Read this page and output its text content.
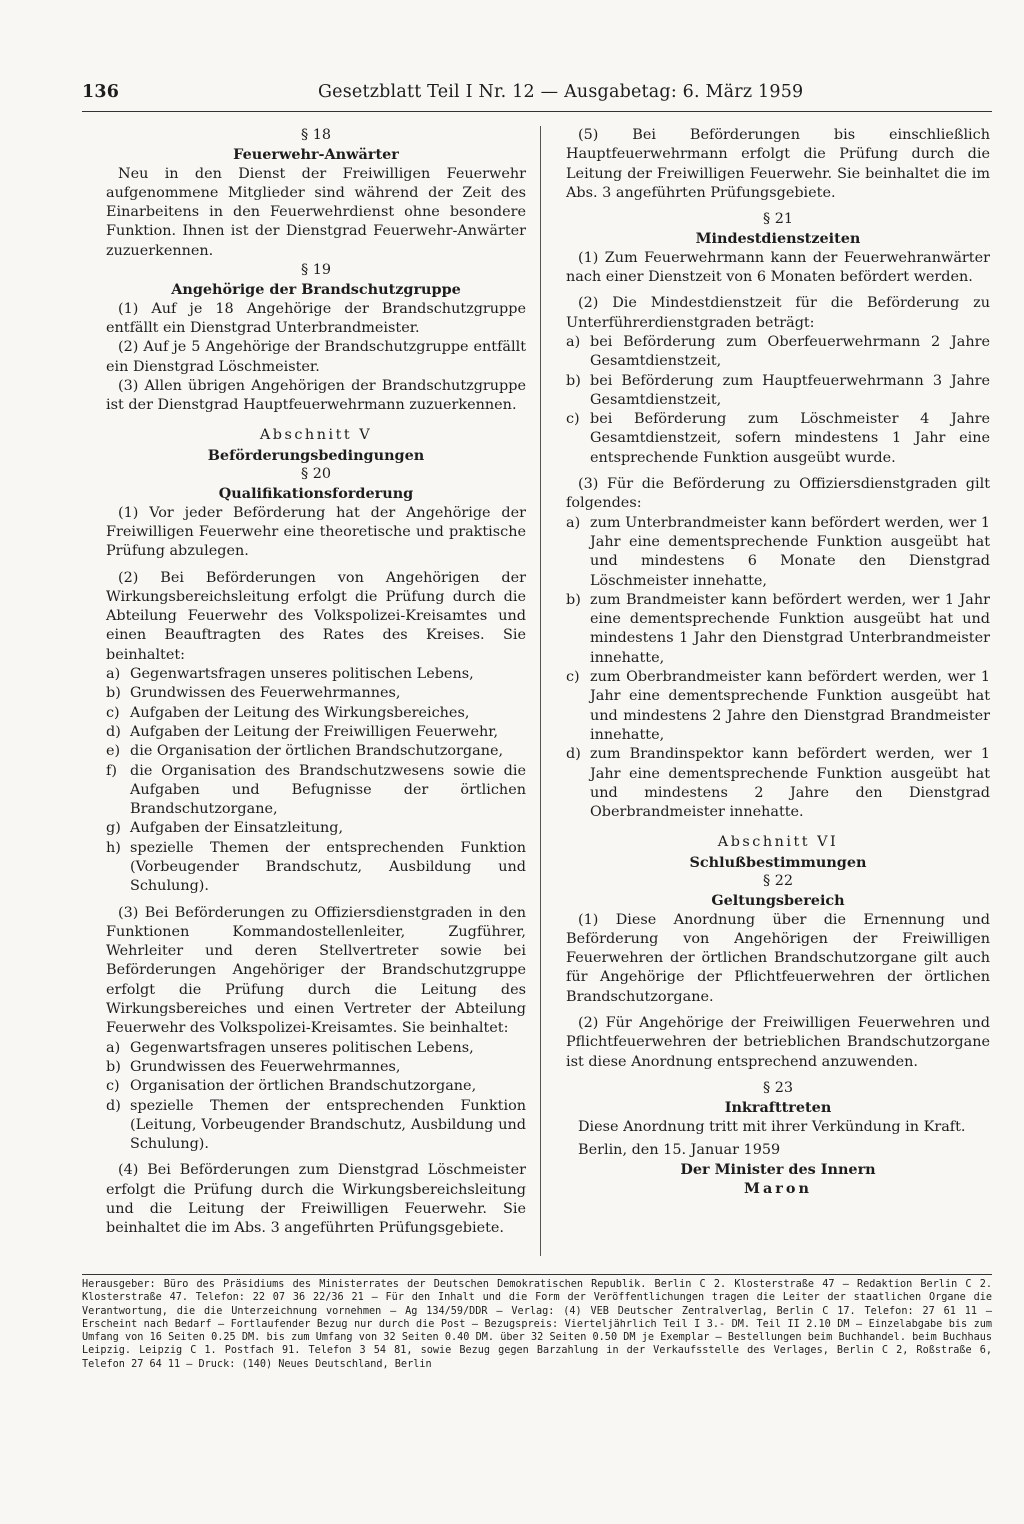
136	Gesetzblatt Teil I Nr. 12 — Ausgabetag: 6. März 1959
§ 18
Feuerwehr-Anwärter

Neu in den Dienst der Freiwilligen Feuerwehr aufgenommene Mitglieder sind während der Zeit des Einarbeitens in den Feuerwehrdienst ohne besondere Funktion. Ihnen ist der Dienstgrad Feuerwehr-Anwärter zuzuerkennen.

§ 19
Angehörige der Brandschutzgruppe

(1) Auf je 18 Angehörige der Brandschutzgruppe entfällt ein Dienstgrad Unterbrandmeister.

(2) Auf je 5 Angehörige der Brandschutzgruppe entfällt ein Dienstgrad Löschmeister.

(3) Allen übrigen Angehörigen der Brandschutzgruppe ist der Dienstgrad Hauptfeuerwehrmann zuzuerkennen.

Abschnitt V
Beförderungsbedingungen
§ 20
Qualifikationsforderung

(1) Vor jeder Beförderung hat der Angehörige der Freiwilligen Feuerwehr eine theoretische und praktische Prüfung abzulegen.

(2) Bei Beförderungen von Angehörigen der Wirkungsbereichsleitung erfolgt die Prüfung durch die Abteilung Feuerwehr des Volkspolizei-Kreisamtes und einen Beauftragten des Rates des Kreises. Sie beinhaltet:

a) Gegenwartsfragen unseres politischen Lebens,
b) Grundwissen des Feuerwehrmannes,
c) Aufgaben der Leitung des Wirkungsbereiches,
d) Aufgaben der Leitung der Freiwilligen Feuerwehr,
e) die Organisation der örtlichen Brandschutzorgane,
f) die Organisation des Brandschutzwesens sowie die Aufgaben und Befugnisse der örtlichen Brandschutzorgane,
g) Aufgaben der Einsatzleitung,
h) spezielle Themen der entsprechenden Funktion (Vorbeugender Brandschutz, Ausbildung und Schulung).

(3) Bei Beförderungen zu Offiziersdienstgraden in den Funktionen Kommandostellenleiter, Zugführer, Wehrleiter und deren Stellvertreter sowie bei Beförderungen Angehöriger der Brandschutzgruppe erfolgt die Prüfung durch die Leitung des Wirkungsbereiches und einen Vertreter der Abteilung Feuerwehr des Volkspolizei-Kreisamtes. Sie beinhaltet:

a) Gegenwartsfragen unseres politischen Lebens,
b) Grundwissen des Feuerwehrmannes,
c) Organisation der örtlichen Brandschutzorgane,
d) spezielle Themen der entsprechenden Funktion (Leitung, Vorbeugender Brandschutz, Ausbildung und Schulung).

(4) Bei Beförderungen zum Dienstgrad Löschmeister erfolgt die Prüfung durch die Wirkungsbereichsleitung und die Leitung der Freiwilligen Feuerwehr. Sie beinhaltet die im Abs. 3 angeführten Prüfungsgebiete.

(5) Bei Beförderungen bis einschließlich Hauptfeuerwehrmann erfolgt die Prüfung durch die Leitung der Freiwilligen Feuerwehr. Sie beinhaltet die im Abs. 3 angeführten Prüfungsgebiete.

§ 21
Mindestdienstzeiten

(1) Zum Feuerwehrmann kann der Feuerwehranwärter nach einer Dienstzeit von 6 Monaten befördert werden.

(2) Die Mindestdienstzeit für die Beförderung zu Unterführerdienstgraden beträgt:

a) bei Beförderung zum Oberfeuerwehrmann 2 Jahre Gesamtdienstzeit,
b) bei Beförderung zum Hauptfeuerwehrmann 3 Jahre Gesamtdienstzeit,
c) bei Beförderung zum Löschmeister 4 Jahre Gesamtdienstzeit, sofern mindestens 1 Jahr eine entsprechende Funktion ausgeübt wurde.

(3) Für die Beförderung zu Offiziersdienstgraden gilt folgendes:

a) zum Unterbrandmeister kann befördert werden, wer 1 Jahr eine dementsprechende Funktion ausgeübt hat und mindestens 6 Monate den Dienstgrad Löschmeister innehatte,
b) zum Brandmeister kann befördert werden, wer 1 Jahr eine dementsprechende Funktion ausgeübt hat und mindestens 1 Jahr den Dienstgrad Unterbrandmeister innehatte,
c) zum Oberbrandmeister kann befördert werden, wer 1 Jahr eine dementsprechende Funktion ausgeübt hat und mindestens 2 Jahre den Dienstgrad Brandmeister innehatte,
d) zum Brandinspektor kann befördert werden, wer 1 Jahr eine dementsprechende Funktion ausgeübt hat und mindestens 2 Jahre den Dienstgrad Oberbrandmeister innehatte.
Abschnitt VI
Schlußbestimmungen
§ 22
Geltungsbereich

(1) Diese Anordnung über die Ernennung und Beförderung von Angehörigen der Freiwilligen Feuerwehren der örtlichen Brandschutzorgane gilt auch für Angehörige der Pflichtfeuerwehren der örtlichen Brandschutzorgane.

(2) Für Angehörige der Freiwilligen Feuerwehren und Pflichtfeuerwehren der betrieblichen Brandschutzorgane ist diese Anordnung entsprechend anzuwenden.

§ 23
Inkrafttreten

Diese Anordnung tritt mit ihrer Verkündung in Kraft.

Berlin, den 15. Januar 1959

Der Minister des Innern
Maron
Herausgeber: Büro des Präsidiums des Ministerrates der Deutschen Demokratischen Republik. Berlin C 2. Klosterstraße 47 — Redaktion Berlin C 2. Klosterstraße 47. Telefon: 22 07 36 22/36 21 — Für den Inhalt und die Form der Veröffentlichungen tragen die Leiter der staatlichen Organe die Verantwortung, die die Unterzeichnung vornehmen — Ag 134/59/DDR — Verlag: (4) VEB Deutscher Zentralverlag, Berlin C 17. Telefon: 27 61 11 — Erscheint nach Bedarf — Fortlaufender Bezug nur durch die Post — Bezugspreis: Vierteljährlich Teil I 3.- DM. Teil II 2.10 DM — Einzelabgabe bis zum Umfang von 16 Seiten 0.25 DM. bis zum Umfang von 32 Seiten 0.40 DM. über 32 Seiten 0.50 DM je Exemplar — Bestellungen beim Buchhandel. beim Buchhaus Leipzig. Leipzig C 1. Postfach 91. Telefon 3 54 81, sowie Bezug gegen Barzahlung in der Verkaufsstelle des Verlages, Berlin C 2, Roßstraße 6, Telefon 27 64 11 — Druck: (140) Neues Deutschland, Berlin
